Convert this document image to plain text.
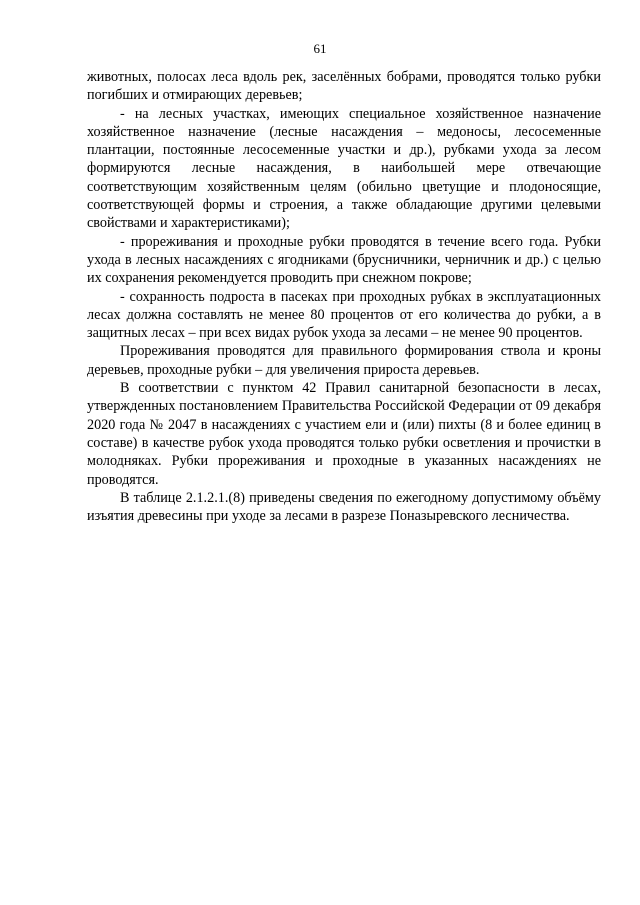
61

животных, полосах леса вдоль рек, заселённых бобрами, проводятся только рубки погибших и отмирающих деревьев;

- на лесных участках, имеющих специальное хозяйственное назначение хозяйственное назначение (лесные насаждения – медоносы, лесосеменные плантации, постоянные лесосеменные участки и др.), рубками ухода за лесом формируются лесные насаждения, в наибольшей мере отвечающие соответствующим хозяйственным целям (обильно цветущие и плодоносящие, соответствующей формы и строения, а также обладающие другими целевыми свойствами и характеристиками);

- прореживания и проходные рубки проводятся в течение всего года. Рубки ухода в лесных насаждениях с ягодниками (брусничники, черничник и др.) с целью их сохранения рекомендуется проводить при снежном покрове;

- сохранность подроста в пасеках при проходных рубках в эксплуатационных лесах должна составлять не менее 80 процентов от его количества до рубки, а в защитных лесах – при всех видах рубок ухода за лесами – не менее 90 процентов.

Прореживания проводятся для правильного формирования ствола и кроны деревьев, проходные рубки – для увеличения прироста деревьев.

В соответствии с пунктом 42 Правил санитарной безопасности в лесах, утвержденных постановлением Правительства Российской Федерации от 09 декабря 2020 года № 2047 в насаждениях с участием ели и (или) пихты (8 и более единиц в составе) в качестве рубок ухода проводятся только рубки осветления и прочистки в молодняках. Рубки прореживания и проходные в указанных насаждениях не проводятся.

В таблице 2.1.2.1.(8) приведены сведения по ежегодному допустимому объёму изъятия древесины при уходе за лесами в разрезе Поназыревского лесничества.
